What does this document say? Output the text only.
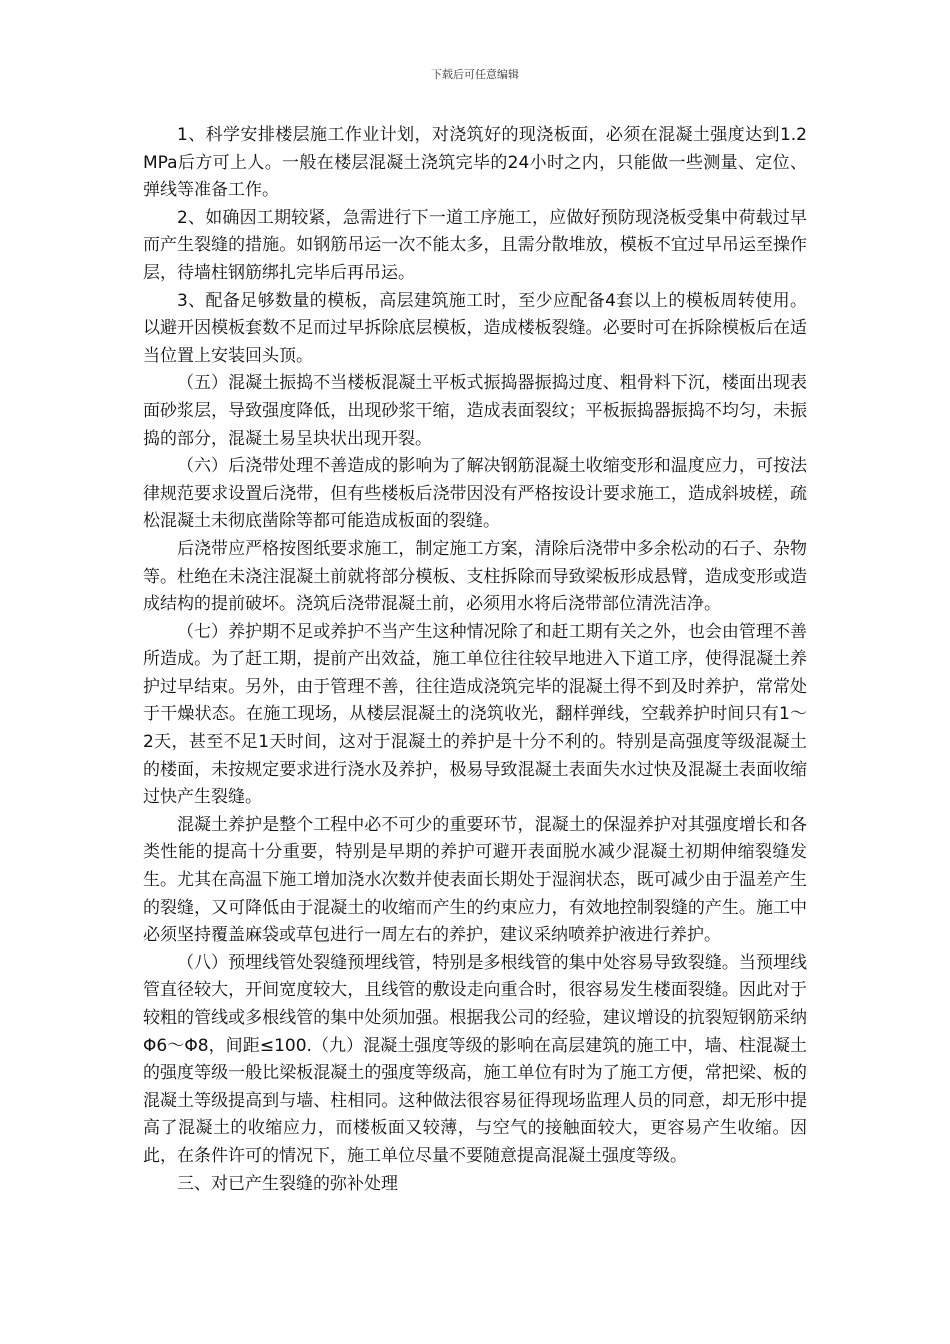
下载后可任意编辑

1、科学安排楼层施工作业计划，对浇筑好的现浇板面，必须在混凝土强度达到1.2MPa后方可上人。一般在楼层混凝土浇筑完毕的24小时之内，只能做一些测量、定位、弹线等准备工作。

2、如确因工期较紧，急需进行下一道工序施工，应做好预防现浇板受集中荷载过早而产生裂缝的措施。如钢筋吊运一次不能太多，且需分散堆放，模板不宜过早吊运至操作层，待墙柱钢筋绑扎完毕后再吊运。

3、配备足够数量的模板，高层建筑施工时，至少应配备4套以上的模板周转使用。以避开因模板套数不足而过早拆除底层模板，造成楼板裂缝。必要时可在拆除模板后在适当位置上安装回头顶。

（五）混凝土振捣不当楼板混凝土平板式振捣器振捣过度、粗骨料下沉，楼面出现表面砂浆层，导致强度降低，出现砂浆干缩，造成表面裂纹；平板振捣器振捣不均匀，未振捣的部分，混凝土易呈块状出现开裂。

（六）后浇带处理不善造成的影响为了解决钢筋混凝土收缩变形和温度应力，可按法律规范要求设置后浇带，但有些楼板后浇带因没有严格按设计要求施工，造成斜坡槎，疏松混凝土未彻底凿除等都可能造成板面的裂缝。

后浇带应严格按图纸要求施工，制定施工方案，清除后浇带中多余松动的石子、杂物等。杜绝在未浇注混凝土前就将部分模板、支柱拆除而导致梁板形成悬臂，造成变形或造成结构的提前破坏。浇筑后浇带混凝土前，必须用水将后浇带部位清洗洁净。

（七）养护期不足或养护不当产生这种情况除了和赶工期有关之外，也会由管理不善所造成。为了赶工期，提前产出效益，施工单位往往较早地进入下道工序，使得混凝土养护过早结束。另外，由于管理不善，往往造成浇筑完毕的混凝土得不到及时养护，常常处于干燥状态。在施工现场，从楼层混凝土的浇筑收光，翻样弹线，空载养护时间只有1～2天，甚至不足1天时间，这对于混凝土的养护是十分不利的。特别是高强度等级混凝土的楼面，未按规定要求进行浇水及养护，极易导致混凝土表面失水过快及混凝土表面收缩过快产生裂缝。

混凝土养护是整个工程中必不可少的重要环节，混凝土的保湿养护对其强度增长和各类性能的提高十分重要，特别是早期的养护可避开表面脱水减少混凝土初期伸缩裂缝发生。尤其在高温下施工增加浇水次数并使表面长期处于湿润状态，既可减少由于温差产生的裂缝，又可降低由于混凝土的收缩而产生的约束应力，有效地控制裂缝的产生。施工中必须坚持覆盖麻袋或草包进行一周左右的养护，建议采纳喷养护液进行养护。

（八）预埋线管处裂缝预埋线管，特别是多根线管的集中处容易导致裂缝。当预埋线管直径较大，开间宽度较大，且线管的敷设走向重合时，很容易发生楼面裂缝。因此对于较粗的管线或多根线管的集中处须加强。根据我公司的经验，建议增设的抗裂短钢筋采纳Φ6～Φ8，间距≤100.（九）混凝土强度等级的影响在高层建筑的施工中，墙、柱混凝土的强度等级一般比梁板混凝土的强度等级高，施工单位有时为了施工方便，常把梁、板的混凝土等级提高到与墙、柱相同。这种做法很容易征得现场监理人员的同意，却无形中提高了混凝土的收缩应力，而楼板面又较薄，与空气的接触面较大，更容易产生收缩。因此，在条件许可的情况下，施工单位尽量不要随意提高混凝土强度等级。

三、对已产生裂缝的弥补处理
